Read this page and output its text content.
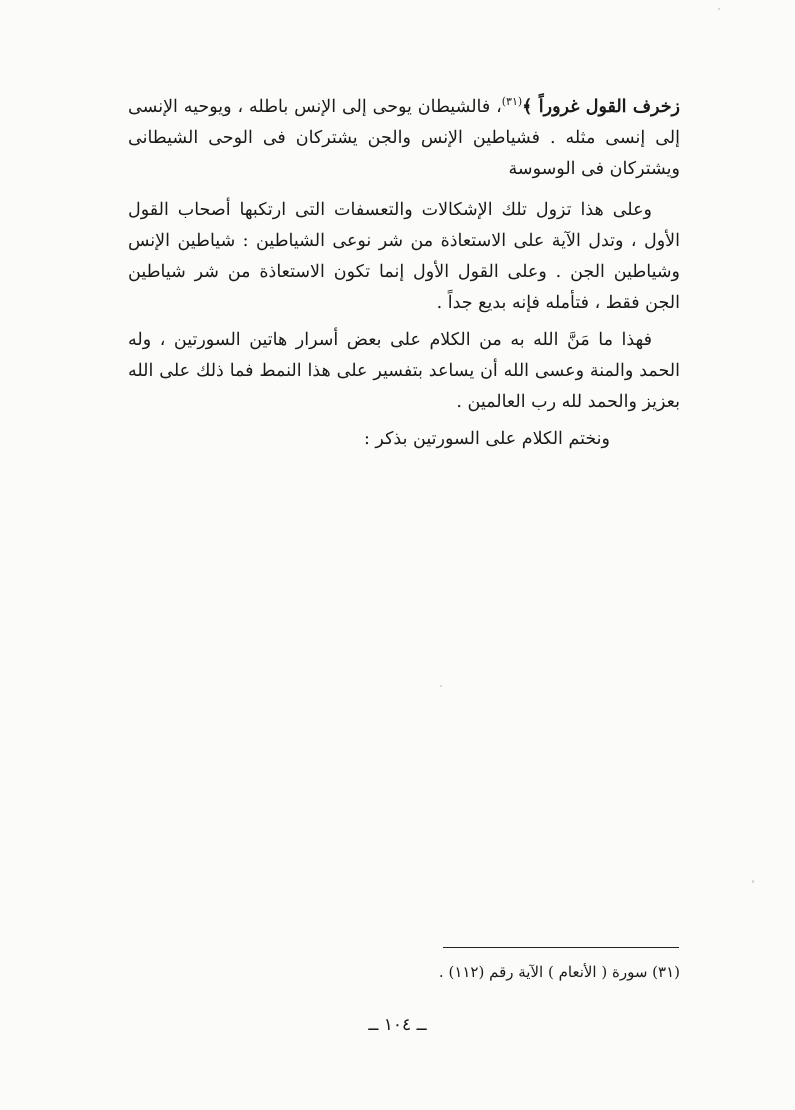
زخرف القول غروراً ﴾$^{(٣١)}$، فالشيطان يوحى إلى الإنس باطله ، ويوحيه الإنسى إلى إنسى مثله . فشياطين الإنس والجن يشتركان فى الوحى الشيطانى ويشتركان فى الوسوسة

وعلى هذا تزول تلك الإشكالات والتعسفات التى ارتكبها أصحاب القول الأول ، وتدل الآية على الاستعاذة من شر نوعى الشياطين : شياطين الإنس وشياطين الجن . وعلى القول الأول إنما تكون الاستعاذة من شر شياطين الجن فقط ، فتأمله فإنه بديع جداً .

فهذا ما مَنَّ الله به من الكلام على بعض أسرار هاتين السورتين ، وله الحمد والمنة وعسى الله أن يساعد بتفسير على هذا النمط فما ذلك على الله بعزيز والحمد لله رب العالمين .

ونختم الكلام على السورتين بذكر :

(٣١) سورة ( الأنعام ) الآية رقم (١١٢) .
ــ ١٠٤ ــ
